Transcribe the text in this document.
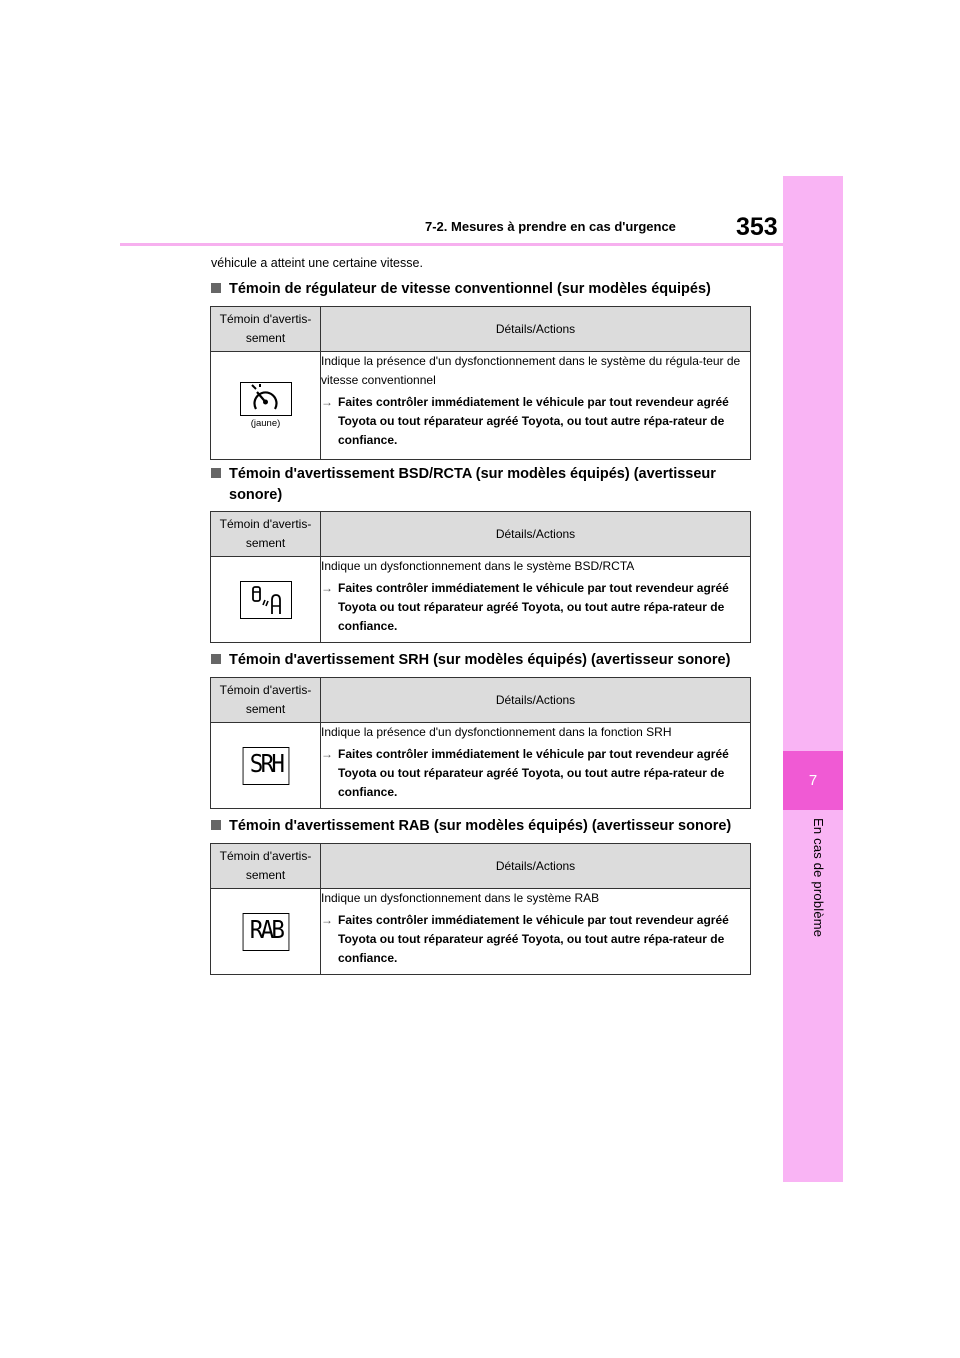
7
En cas de problème
7-2. Mesures à prendre en cas d'urgence 353
véhicule a atteint une certaine vitesse.
Témoin de régulateur de vitesse conventionnel (sur modèles équipés)
Témoin d'avertis-
sement	Détails/Actions

(jaune)	Indique la présence d'un dysfonctionnement dans le système du régula-teur de vitesse conventionnel
→ Faites contrôler immédiatement le véhicule par tout revendeur agréé Toyota ou tout réparateur agréé Toyota, ou tout autre répa-rateur de confiance.
Témoin d'avertissement BSD/RCTA (sur modèles équipés) (avertisseur
sonore)
Témoin d'avertis-
sement	Détails/Actions

Indique un dysfonctionnement dans le système BSD/RCTA
→ Faites contrôler immédiatement le véhicule par tout revendeur agréé Toyota ou tout réparateur agréé Toyota, ou tout autre répa-rateur de confiance.
Témoin d'avertissement SRH (sur modèles équipés) (avertisseur sonore)
Témoin d'avertis-
sement	Détails/Actions
SRH	Indique la présence d'un dysfonctionnement dans la fonction SRH
→ Faites contrôler immédiatement le véhicule par tout revendeur agréé Toyota ou tout réparateur agréé Toyota, ou tout autre répa-rateur de confiance.
Témoin d'avertissement RAB (sur modèles équipés) (avertisseur sonore)
Témoin d'avertis-
sement	Détails/Actions
RAB	Indique un dysfonctionnement dans le système RAB
→ Faites contrôler immédiatement le véhicule par tout revendeur agréé Toyota ou tout réparateur agréé Toyota, ou tout autre répa-rateur de confiance.
